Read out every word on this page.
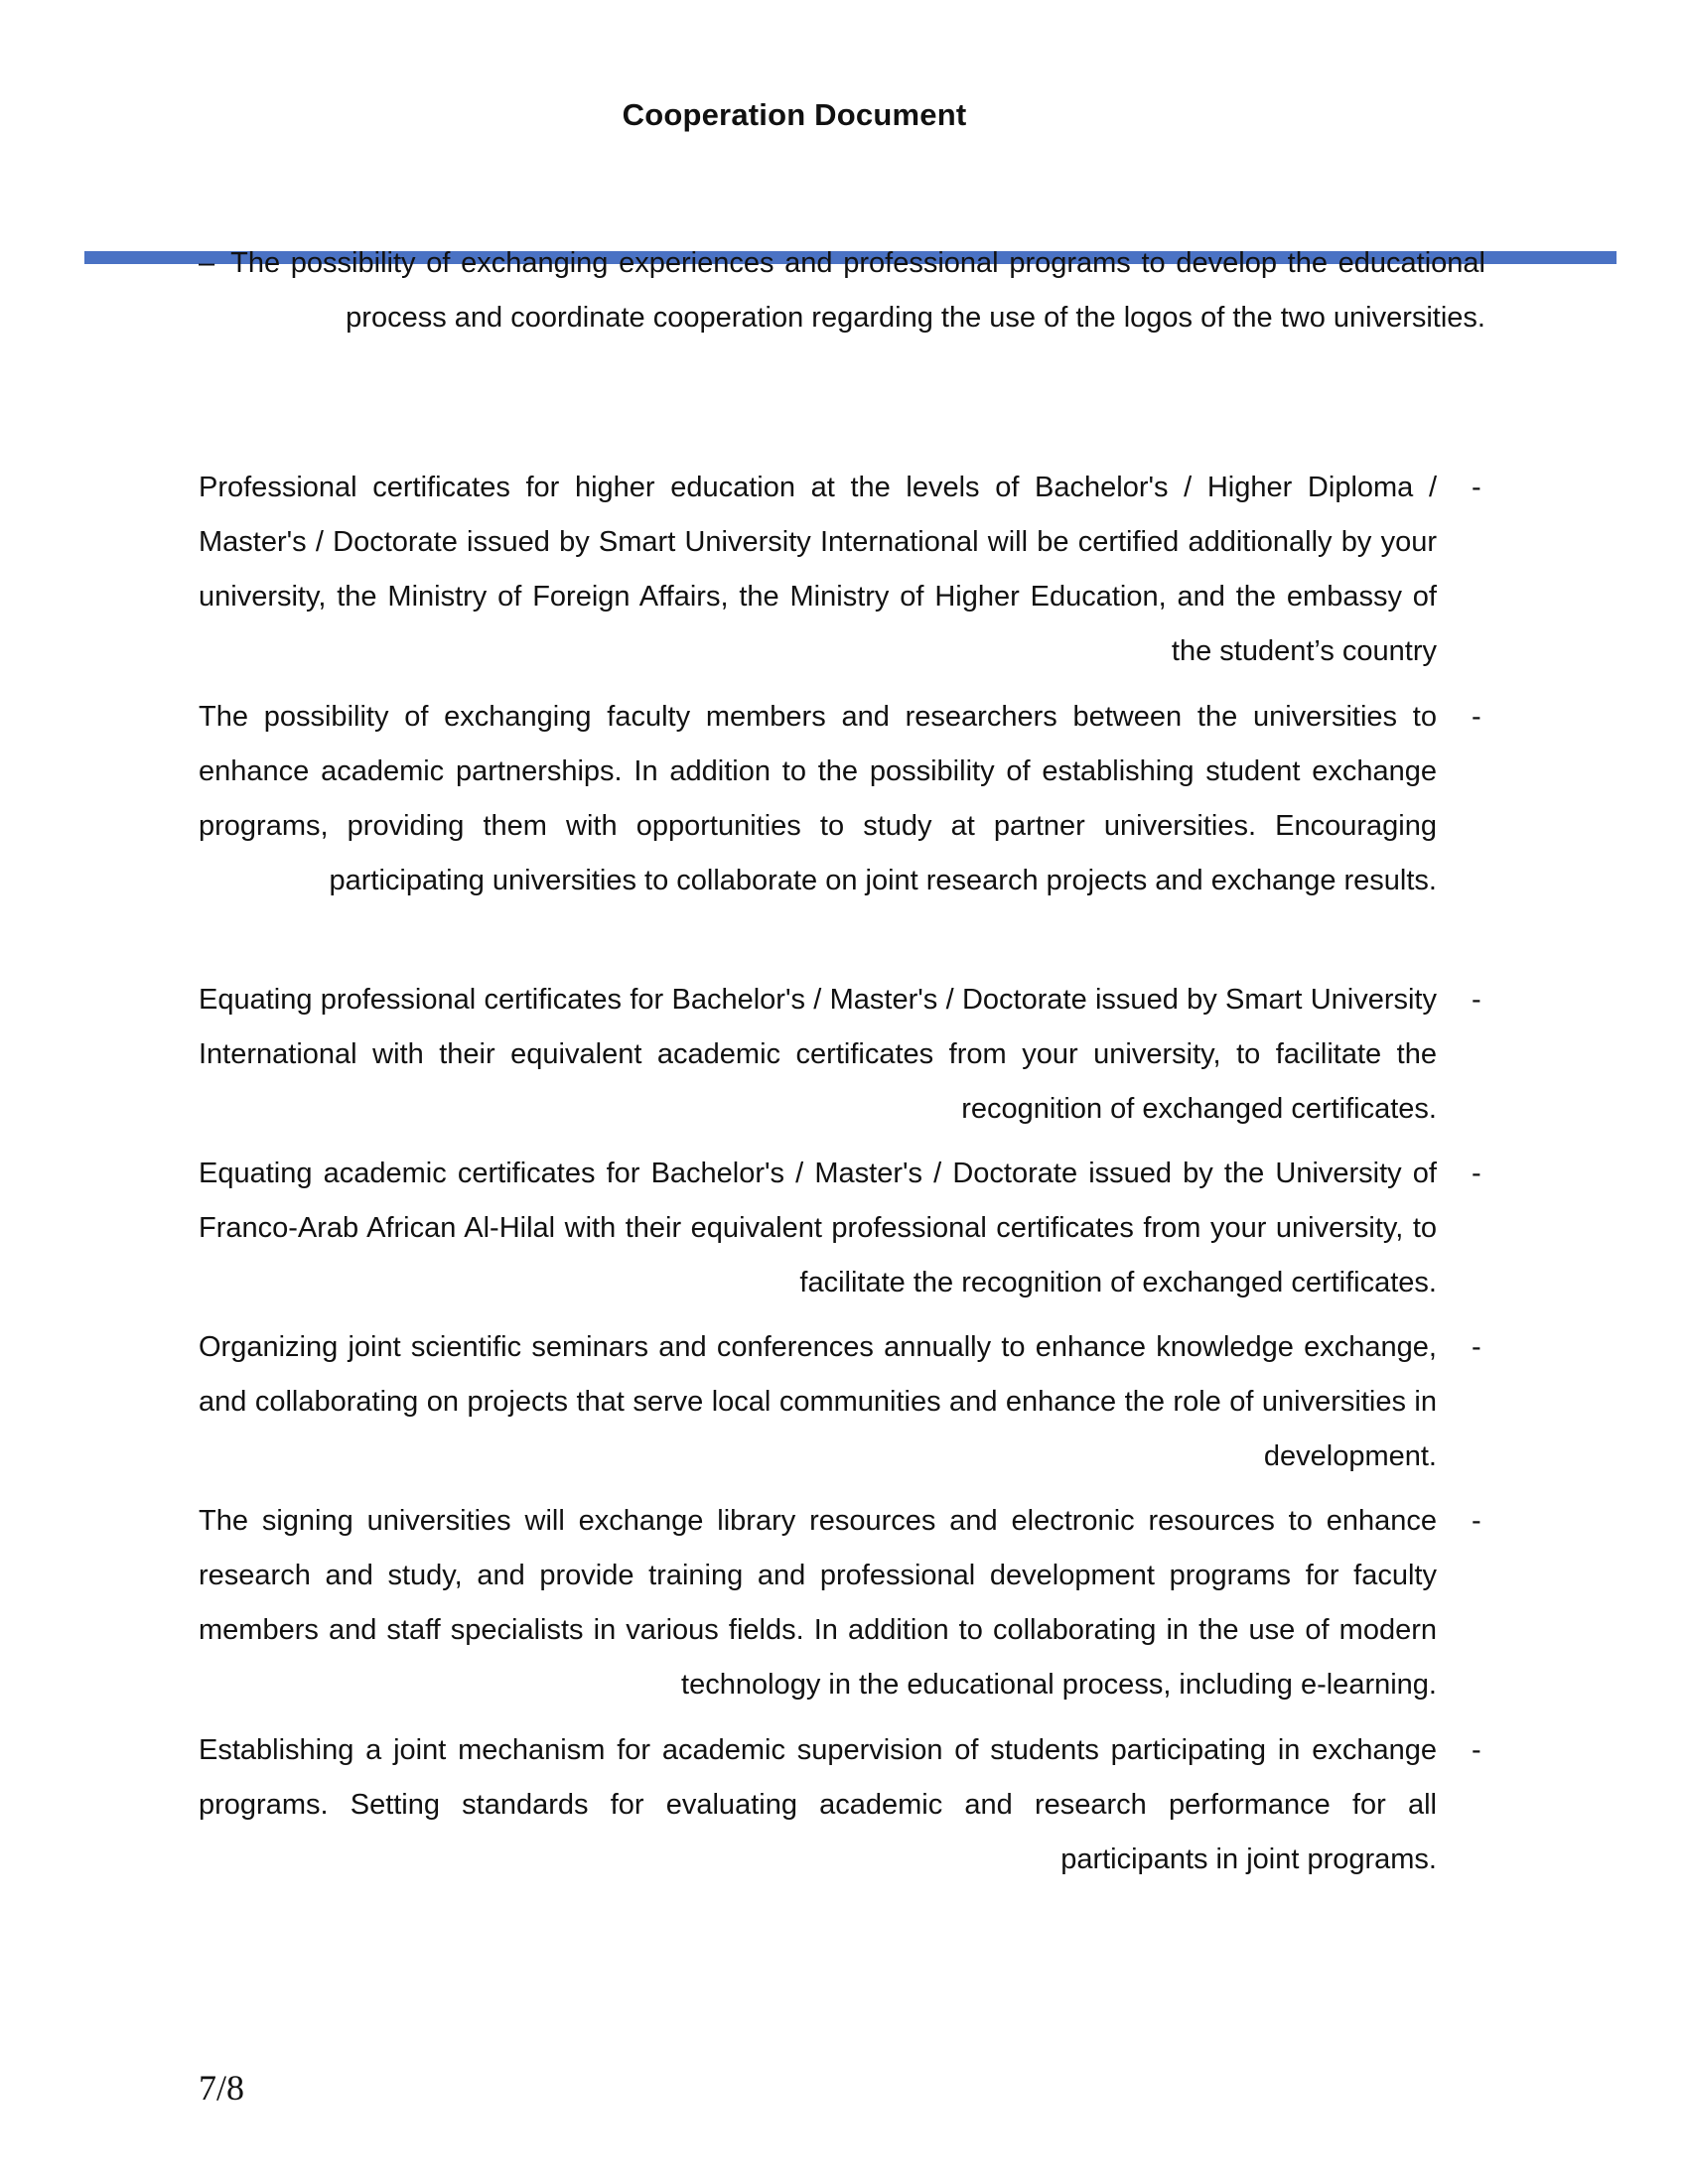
Cooperation Document
– The possibility of exchanging experiences and professional programs to develop the educational process and coordinate cooperation regarding the use of the logos of the two universities.
Professional certificates for higher education at the levels of Bachelor's / Higher Diploma / Master's / Doctorate issued by Smart University International will be certified additionally by your university, the Ministry of Foreign Affairs, the Ministry of Higher Education, and the embassy of the student’s country
-
The possibility of exchanging faculty members and researchers between the universities to enhance academic partnerships. In addition to the possibility of establishing student exchange programs, providing them with opportunities to study at partner universities. Encouraging participating universities to collaborate on joint research projects and exchange results.
-
Equating professional certificates for Bachelor's / Master's / Doctorate issued by Smart University International with their equivalent academic certificates from your university, to facilitate the recognition of exchanged certificates.
-
Equating academic certificates for Bachelor's / Master's / Doctorate issued by the University of Franco-Arab African Al-Hilal with their equivalent professional certificates from your university, to facilitate the recognition of exchanged certificates.
-
Organizing joint scientific seminars and conferences annually to enhance knowledge exchange, and collaborating on projects that serve local communities and enhance the role of universities in development.
-
The signing universities will exchange library resources and electronic resources to enhance research and study, and provide training and professional development programs for faculty members and staff specialists in various fields. In addition to collaborating in the use of modern technology in the educational process, including e-learning.
-
Establishing a joint mechanism for academic supervision of students participating in exchange programs. Setting standards for evaluating academic and research performance for all participants in joint programs.
-
7/8
